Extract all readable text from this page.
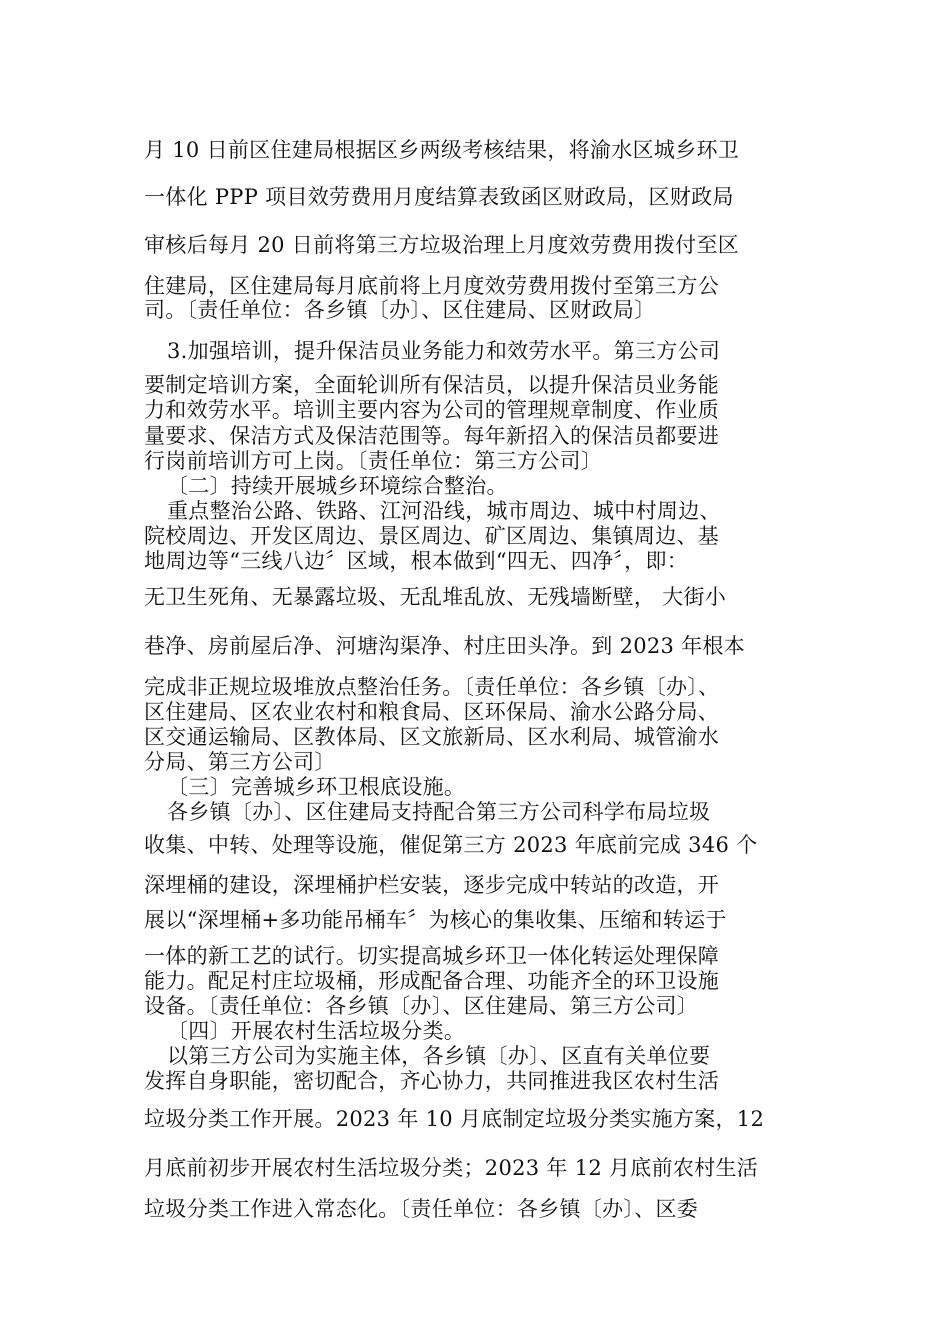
月 10 日前区住建局根据区乡两级考核结果，将渝水区城乡环卫
一体化 PPP 项目效劳费用月度结算表致函区财政局，区财政局
审核后每月 20 日前将第三方垃圾治理上月度效劳费用拨付至区
住建局，区住建局每月底前将上月度效劳费用拨付至第三方公
司。〔责任单位：各乡镇〔办〕、区住建局、区财政局〕
3.加强培训，提升保洁员业务能力和效劳水平。第三方公司
要制定培训方案，全面轮训所有保洁员，以提升保洁员业务能
力和效劳水平。培训主要内容为公司的管理规章制度、作业质
量要求、保洁方式及保洁范围等。每年新招入的保洁员都要进
行岗前培训方可上岗。〔责任单位：第三方公司〕
〔二〕持续开展城乡环境综合整治。
重点整治公路、铁路、江河沿线，城市周边、城中村周边、
院校周边、开发区周边、景区周边、矿区周边、集镇周边、基
地周边等“三线八边〞区域，根本做到“四无、四净〞，即：
无卫生死角、无暴露垃圾、无乱堆乱放、无残墙断壁， 大街小
巷净、房前屋后净、河塘沟渠净、村庄田头净。到 2023 年根本
完成非正规垃圾堆放点整治任务。〔责任单位：各乡镇〔办〕、
区住建局、区农业农村和粮食局、区环保局、渝水公路分局、
区交通运输局、区教体局、区文旅新局、区水利局、城管渝水
分局、第三方公司〕
〔三〕完善城乡环卫根底设施。
各乡镇〔办〕、区住建局支持配合第三方公司科学布局垃圾
收集、中转、处理等设施，催促第三方 2023 年底前完成 346 个
深埋桶的建设，深埋桶护栏安装，逐步完成中转站的改造，开
展以“深埋桶+多功能吊桶车〞为核心的集收集、压缩和转运于
一体的新工艺的试行。切实提高城乡环卫一体化转运处理保障
能力。配足村庄垃圾桶，形成配备合理、功能齐全的环卫设施
设备。〔责任单位：各乡镇〔办〕、区住建局、第三方公司〕
〔四〕开展农村生活垃圾分类。
以第三方公司为实施主体，各乡镇〔办〕、区直有关单位要
发挥自身职能，密切配合，齐心协力，共同推进我区农村生活
垃圾分类工作开展。2023 年 10 月底制定垃圾分类实施方案，12
月底前初步开展农村生活垃圾分类；2023 年 12 月底前农村生活
垃圾分类工作进入常态化。〔责任单位：各乡镇〔办〕、区委
